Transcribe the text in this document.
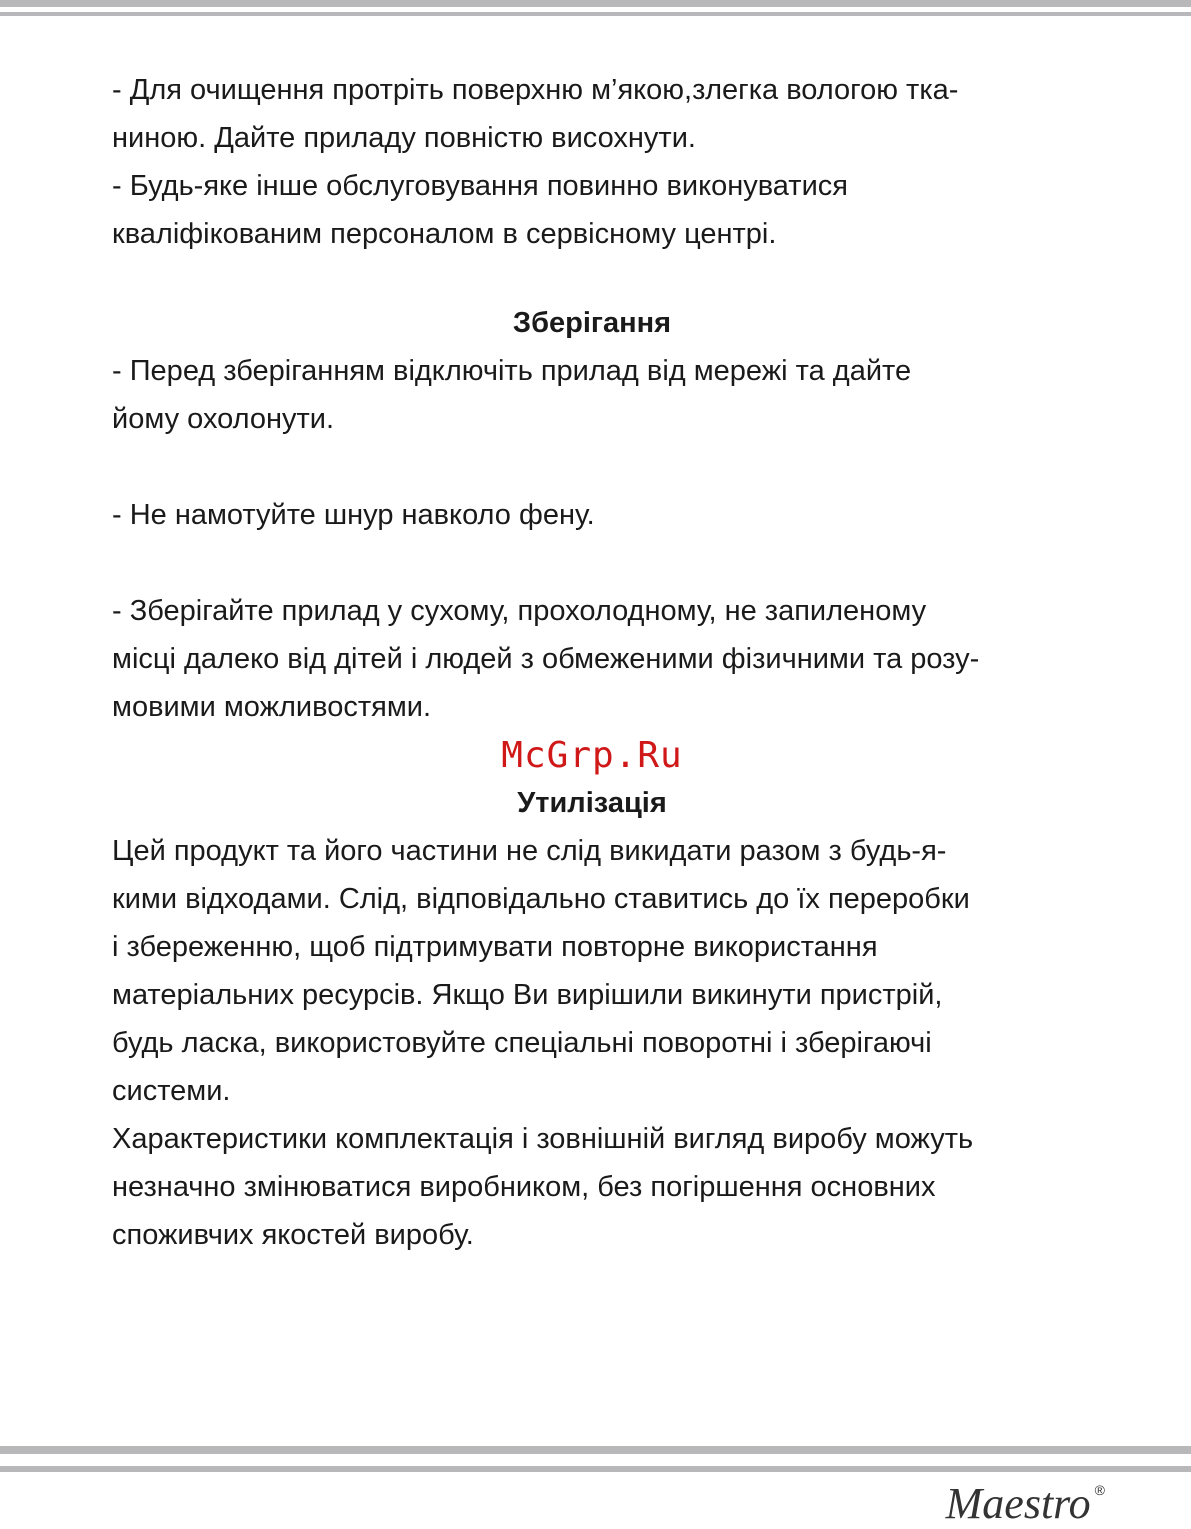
- Для очищення протріть поверхню м’якою,злегка вологою тка-

ниною. Дайте приладу повністю висохнути.

- Будь-яке інше обслуговування повинно виконуватися

кваліфікованим персоналом в сервісному центрі.

Зберігання

- Перед зберіганням відключіть прилад від мережі та дайте

йому охолонути.

- Не намотуйте шнур навколо фену.

- Зберігайте прилад у сухому, прохолодному, не запиленому

місці далеко від дітей і людей з обмеженими фізичними та розу-

мовими можливостями.

McGrp.Ru
Утилізація

Цей продукт та його частини не слід викидати разом з будь-я-

кими відходами. Слід, відповідально ставитись до їх переробки

і збереженню, щоб підтримувати повторне використання

матеріальних ресурсів. Якщо Ви вирішили викинути пристрій,

будь ласка, використовуйте спеціальні поворотні і зберігаючі

системи.

Характеристики комплектація і зовнішній вигляд виробу можуть

незначно змінюватися виробником, без погіршення основних

споживчих якостей виробу.

Maestro ®
